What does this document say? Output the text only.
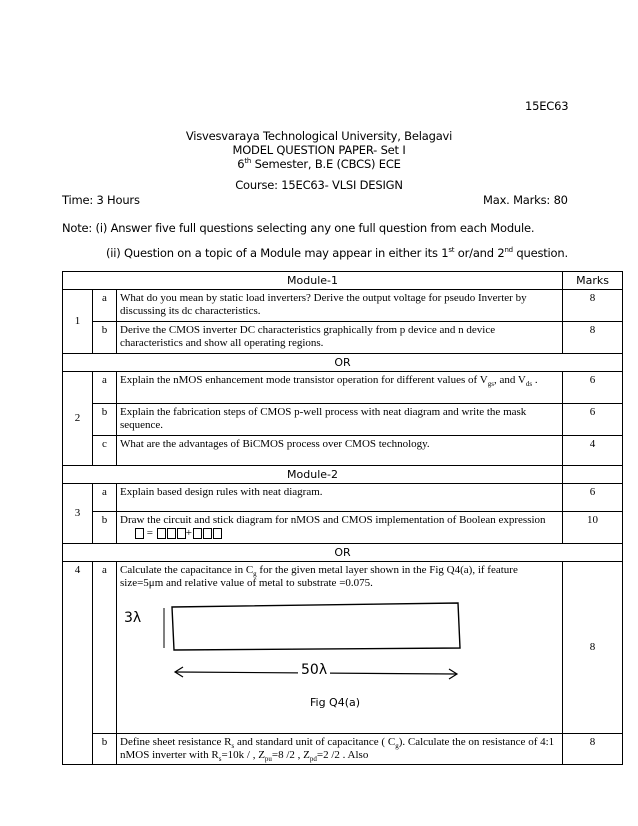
15EC63
Visvesvaraya Technological University, Belagavi
MODEL QUESTION PAPER- Set I
6th Semester, B.E (CBCS) ECE
Course: 15EC63- VLSI DESIGN
Time: 3 Hours	Max. Marks: 80
Note: (i) Answer five full questions selecting any one full question from each Module.
(ii) Question on a topic of a Module may appear in either its 1st or/and 2nd question.
Module-1			Marks
1	a	What do you mean by static load inverters? Derive the output voltage for pseudo Inverter by discussing its dc characteristics.	8
	b	Derive the CMOS inverter DC characteristics graphically from p device and n device characteristics and show all operating regions.	8
OR			
2	a	Explain the nMOS enhancement mode transistor operation for different values of $V_{gs}$, and $V_{ds}$ .	6
	b	Explain the fabrication steps of CMOS p-well process with neat diagram and write the mask sequence.	6
	c	What are the advantages of BiCMOS process over CMOS technology.	4
Module-2			
3	a	Explain based design rules with neat diagram.	6
	b	Draw the circuit and stick diagram for nMOS and CMOS implementation of Boolean expression  = +	10
OR			
4	a	Calculate the capacitance in $C_g$ for the given metal layer shown in the Fig Q4(a), if feature size=5μm and relative value of metal to substrate =0.075.
3λ
50λ
Fig Q4(a)	8
	b	Define sheet resistance $R_s$ and standard unit of capacitance ( $C_g$). Calculate the on resistance of 4:1 nMOS inverter with $R_s=10k$ / , $Z_{pu}=8$ /2 , $Z_{pd}=2$ /2 . Also	8
